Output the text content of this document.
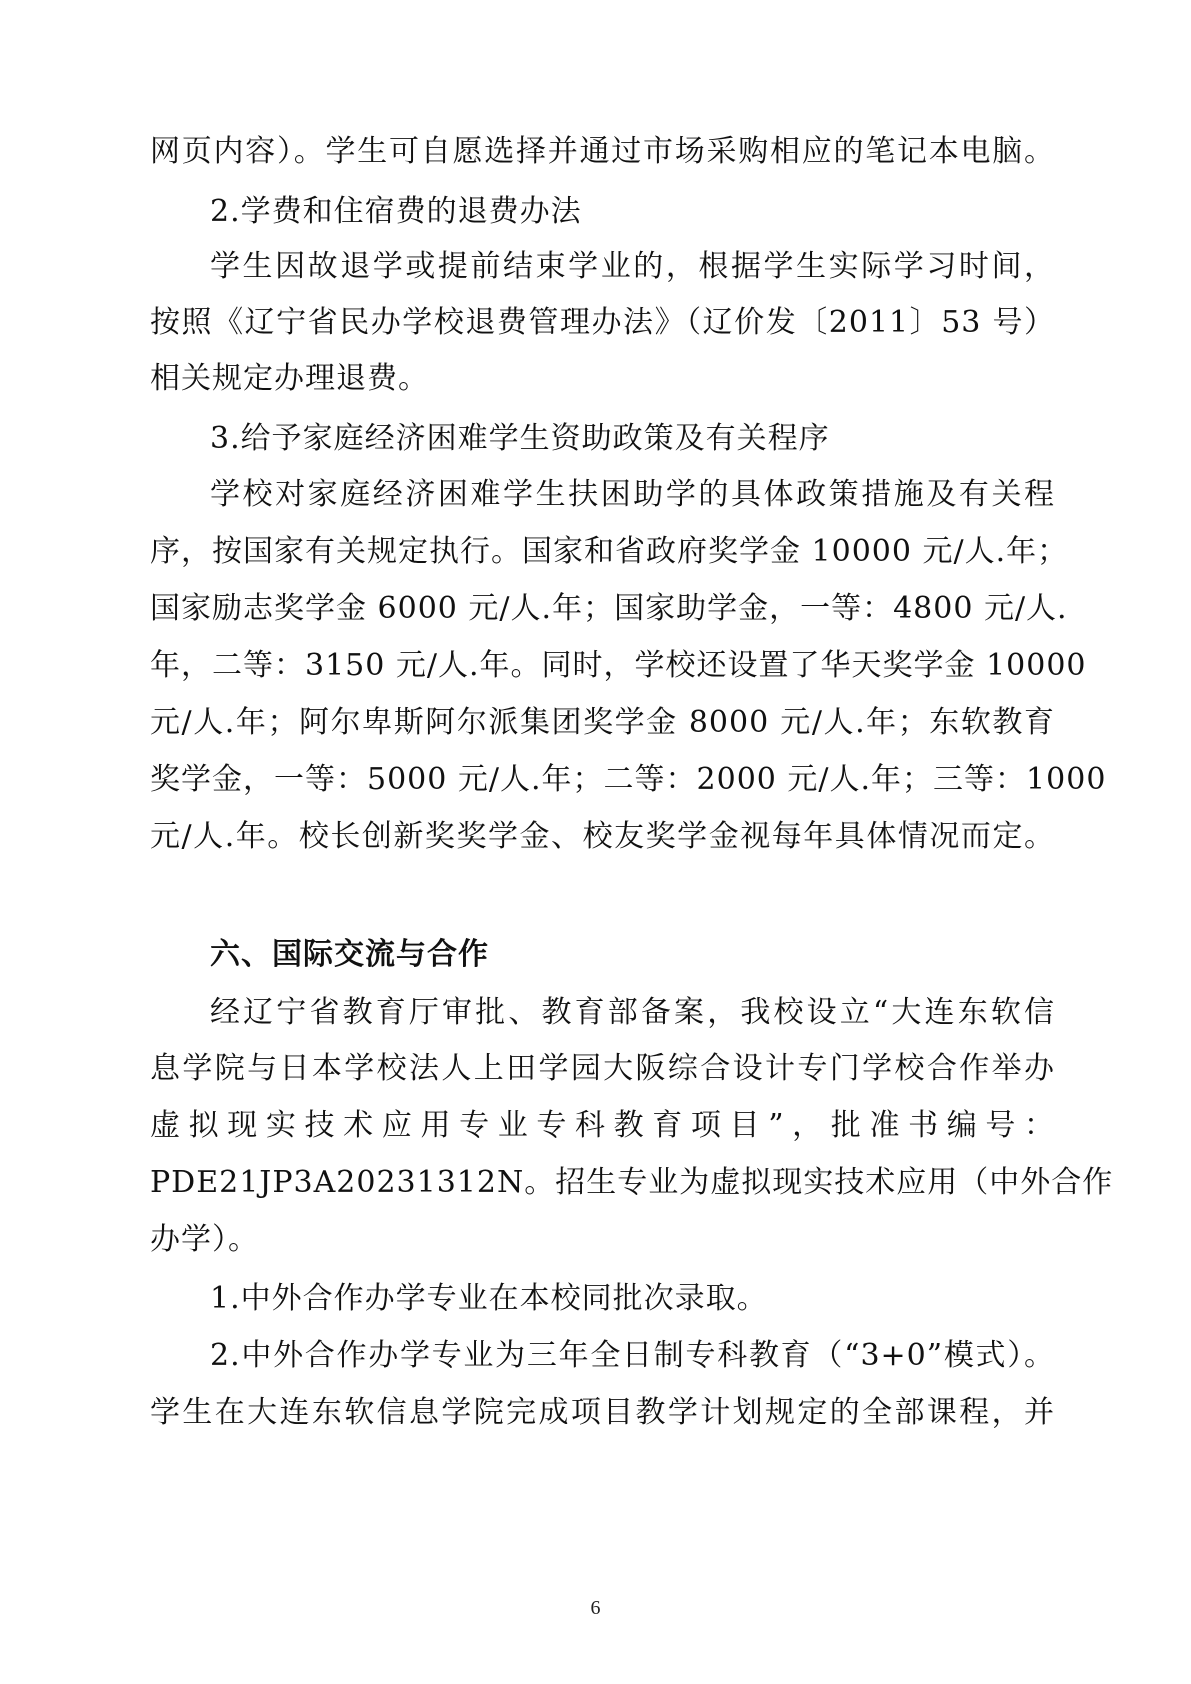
网页内容）。学生可自愿选择并通过市场采购相应的笔记本电脑。
2.学费和住宿费的退费办法
学生因故退学或提前结束学业的，根据学生实际学习时间，
按照《辽宁省民办学校退费管理办法》（辽价发〔2011〕53 号）
相关规定办理退费。
3.给予家庭经济困难学生资助政策及有关程序
学校对家庭经济困难学生扶困助学的具体政策措施及有关程
序，按国家有关规定执行。国家和省政府奖学金 10000 元/人.年；
国家励志奖学金 6000 元/人.年；国家助学金，一等：4800 元/人.
年，二等：3150 元/人.年。同时，学校还设置了华天奖学金 10000
元/人.年；阿尔卑斯阿尔派集团奖学金 8000 元/人.年；东软教育
奖学金，一等：5000 元/人.年；二等：2000 元/人.年；三等：1000
元/人.年。校长创新奖奖学金、校友奖学金视每年具体情况而定。
六、国际交流与合作
经辽宁省教育厅审批、教育部备案，我校设立“大连东软信
息学院与日本学校法人上田学园大阪综合设计专门学校合作举办
虚拟现实技术应用专业专科教育项目”，批准书编号：
PDE21JP3A20231312N。招生专业为虚拟现实技术应用（中外合作
办学）。
1.中外合作办学专业在本校同批次录取。
2.中外合作办学专业为三年全日制专科教育（“3+0”模式）。
学生在大连东软信息学院完成项目教学计划规定的全部课程，并
6
